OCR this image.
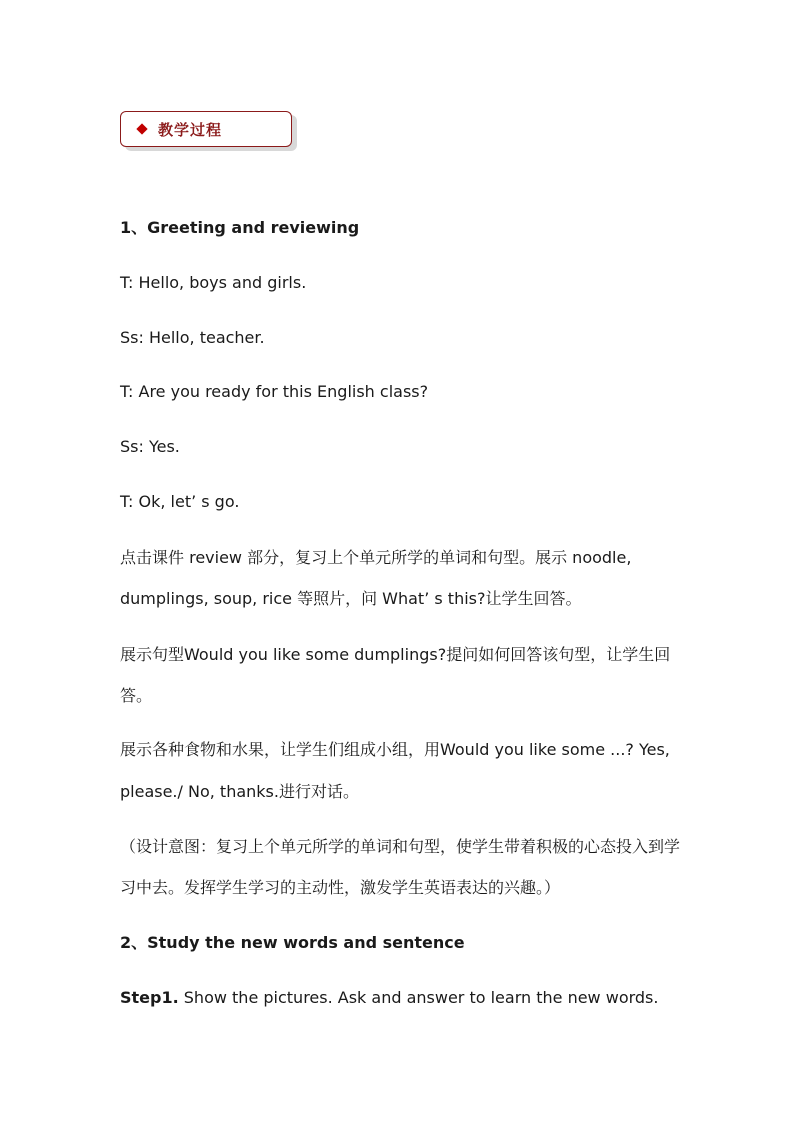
教学过程
1、Greeting and reviewing
T: Hello, boys and girls.
Ss: Hello, teacher.
T: Are you ready for this English class?
Ss: Yes.
T: Ok, let’ s go.
点击课件 review 部分，复习上个单元所学的单词和句型。展示 noodle,
dumplings, soup, rice 等照片，问 What’ s this?让学生回答。
展示句型Would you like some dumplings?提问如何回答该句型，让学生回
答。
展示各种食物和水果，让学生们组成小组，用Would you like some ...? Yes,
please./ No, thanks.进行对话。
（设计意图：复习上个单元所学的单词和句型，使学生带着积极的心态投入到学
习中去。发挥学生学习的主动性，激发学生英语表达的兴趣。）
2、Study the new words and sentence
Step1. Show the pictures. Ask and answer to learn the new words.
